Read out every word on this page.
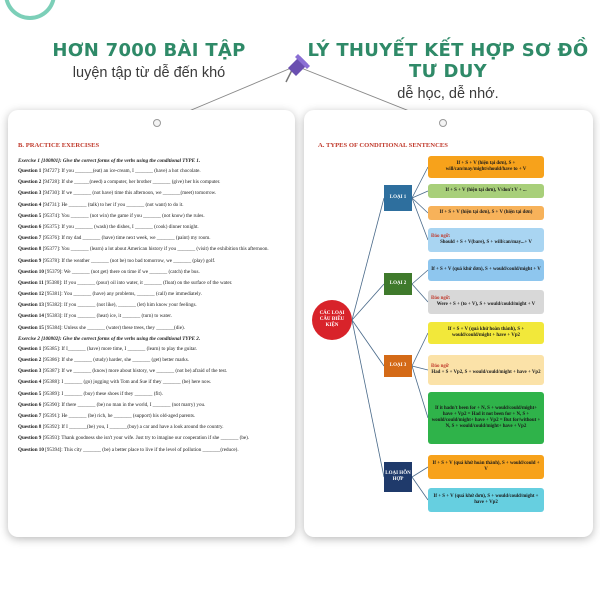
HƠN 7000 BÀI TẬP
luyện tập từ dễ đến khó
LÝ THUYẾT KẾT HỢP SƠ ĐỒ TƯ DUY
dễ học, dễ nhớ.
B. PRACTICE EXERCISES
Exercise 1 [100801]: Give the correct forms of the verbs using the conditional TYPE 1.
Question 1 [94727]: If you _______(eat) an ice-cream, I _______ (have) a hot chocolate.
Question 2 [94728]: If she ______(need) a computer, her brother _______ (give) her his computer.
Question 3 [94730]: If we _______ (not have) time this afternoon, we _______(meet) tomorrow.
Question 4 [94731]: He _______ (talk) to her if you _______ (not want) to do it.
Question 5 [95374]: You _______ (not win) the game if you _______ (not know) the rules.
Question 6 [95375]: If you _______ (wash) the dishes, I _______ (cook) dinner tonight.
Question 7 [95376]: If my dad _______ (have) time next week, we _______ (paint) my room.
Question 8 [95377]: You _______ (learn) a lot about American history if you _______ (visit) the exhibition this afternoon.
Question 9 [95378]: If the weather _______ (not be) too bad tomorrow, we _______ (play) golf.
Question 10 [95379]: We _______ (not get) there on time if we _______ (catch) the bus.
Question 11 [95380]: If you _______ (pour) oil into water, it _______ (float) on the surface of the water.
Question 12 [95381]: You _______ (have) any problems, _______ (call) me immediately.
Question 13 [95382]: If you _______ (not like), _______ (let) him know your feelings.
Question 14 [95383]: If you _______ (heat) ice, it _______ (turn) to water.
Question 15 [95384]: Unless she _______ (water) these trees, they _______(die).
Exercise 2 [100802]: Give the correct forms of the verbs using the conditional TYPE 2.
Question 1 [95385]: If I_______ (have) more time, I _______ (learn) to play the guitar.
Question 2 [95386]: If she _______ (study) harder, she _______ (get) better marks.
Question 3 [95387]: If we _______ (know) more about history, we _______ (not be) afraid of the test.
Question 4 [95388]: I _______ (go) jogging with Tom and Sue if they _______ (be) here now.
Question 5 [95389]: I _______ (buy) these shoes if they _______ (fit).
Question 6 [95390]: If there _______ (be) no man in the world, I _______ (not marry) you.
Question 7 [95391]: He _______ (be) rich, he _______ (support) his old-aged parents.
Question 8 [95392]: If I _______(be) you, I _______(buy) a car and have a look around the country.
Question 9 [95393]: Thank goodness she isn't your wife. Just try to imagine our cooperation if she _______ (be).
Question 10 [95394]: This city _______ (be) a better place to live if the level of pollution _______(reduce).
A. TYPES OF CONDITIONAL SENTENCES
CÁC LOẠI CÂU ĐIỀU KIỆN
LOẠI 1
LOẠI 2
LOẠI 3
LOẠI HỖN HỢP
If + S + V (hiện tại đơn), S + will/can/may/might/should/have to + V
If + S + V (hiện tại đơn), V/don't V + ...
If + S + V (hiện tại đơn), S + V (hiện tại đơn)
Đảo ngữ:
Should + S + V(bare), S + will/can/may...+ V
If + S + V (quá khứ đơn), S + would/could/might + V
Đảo ngữ:
Were + S + (to + V), S + would/could/might + V
If + S + V (quá khứ hoàn thành), S + would/could/might + have + Vp2
Đảo ngữ
Had + S + Vp2, S + would/could/might + have + Vp2
If it hadn't been for + N, S + would/could/might+ have + Vp2 = Had it not been for + N, S + would/could/might+ have + Vp2 = But for/without + N, S + would/could/might+ have + Vp2
If + S + V (quá khứ hoàn thành), S + would/could + V
If + S + V (quá khứ đơn), S + would/could/might + have + Vp2
